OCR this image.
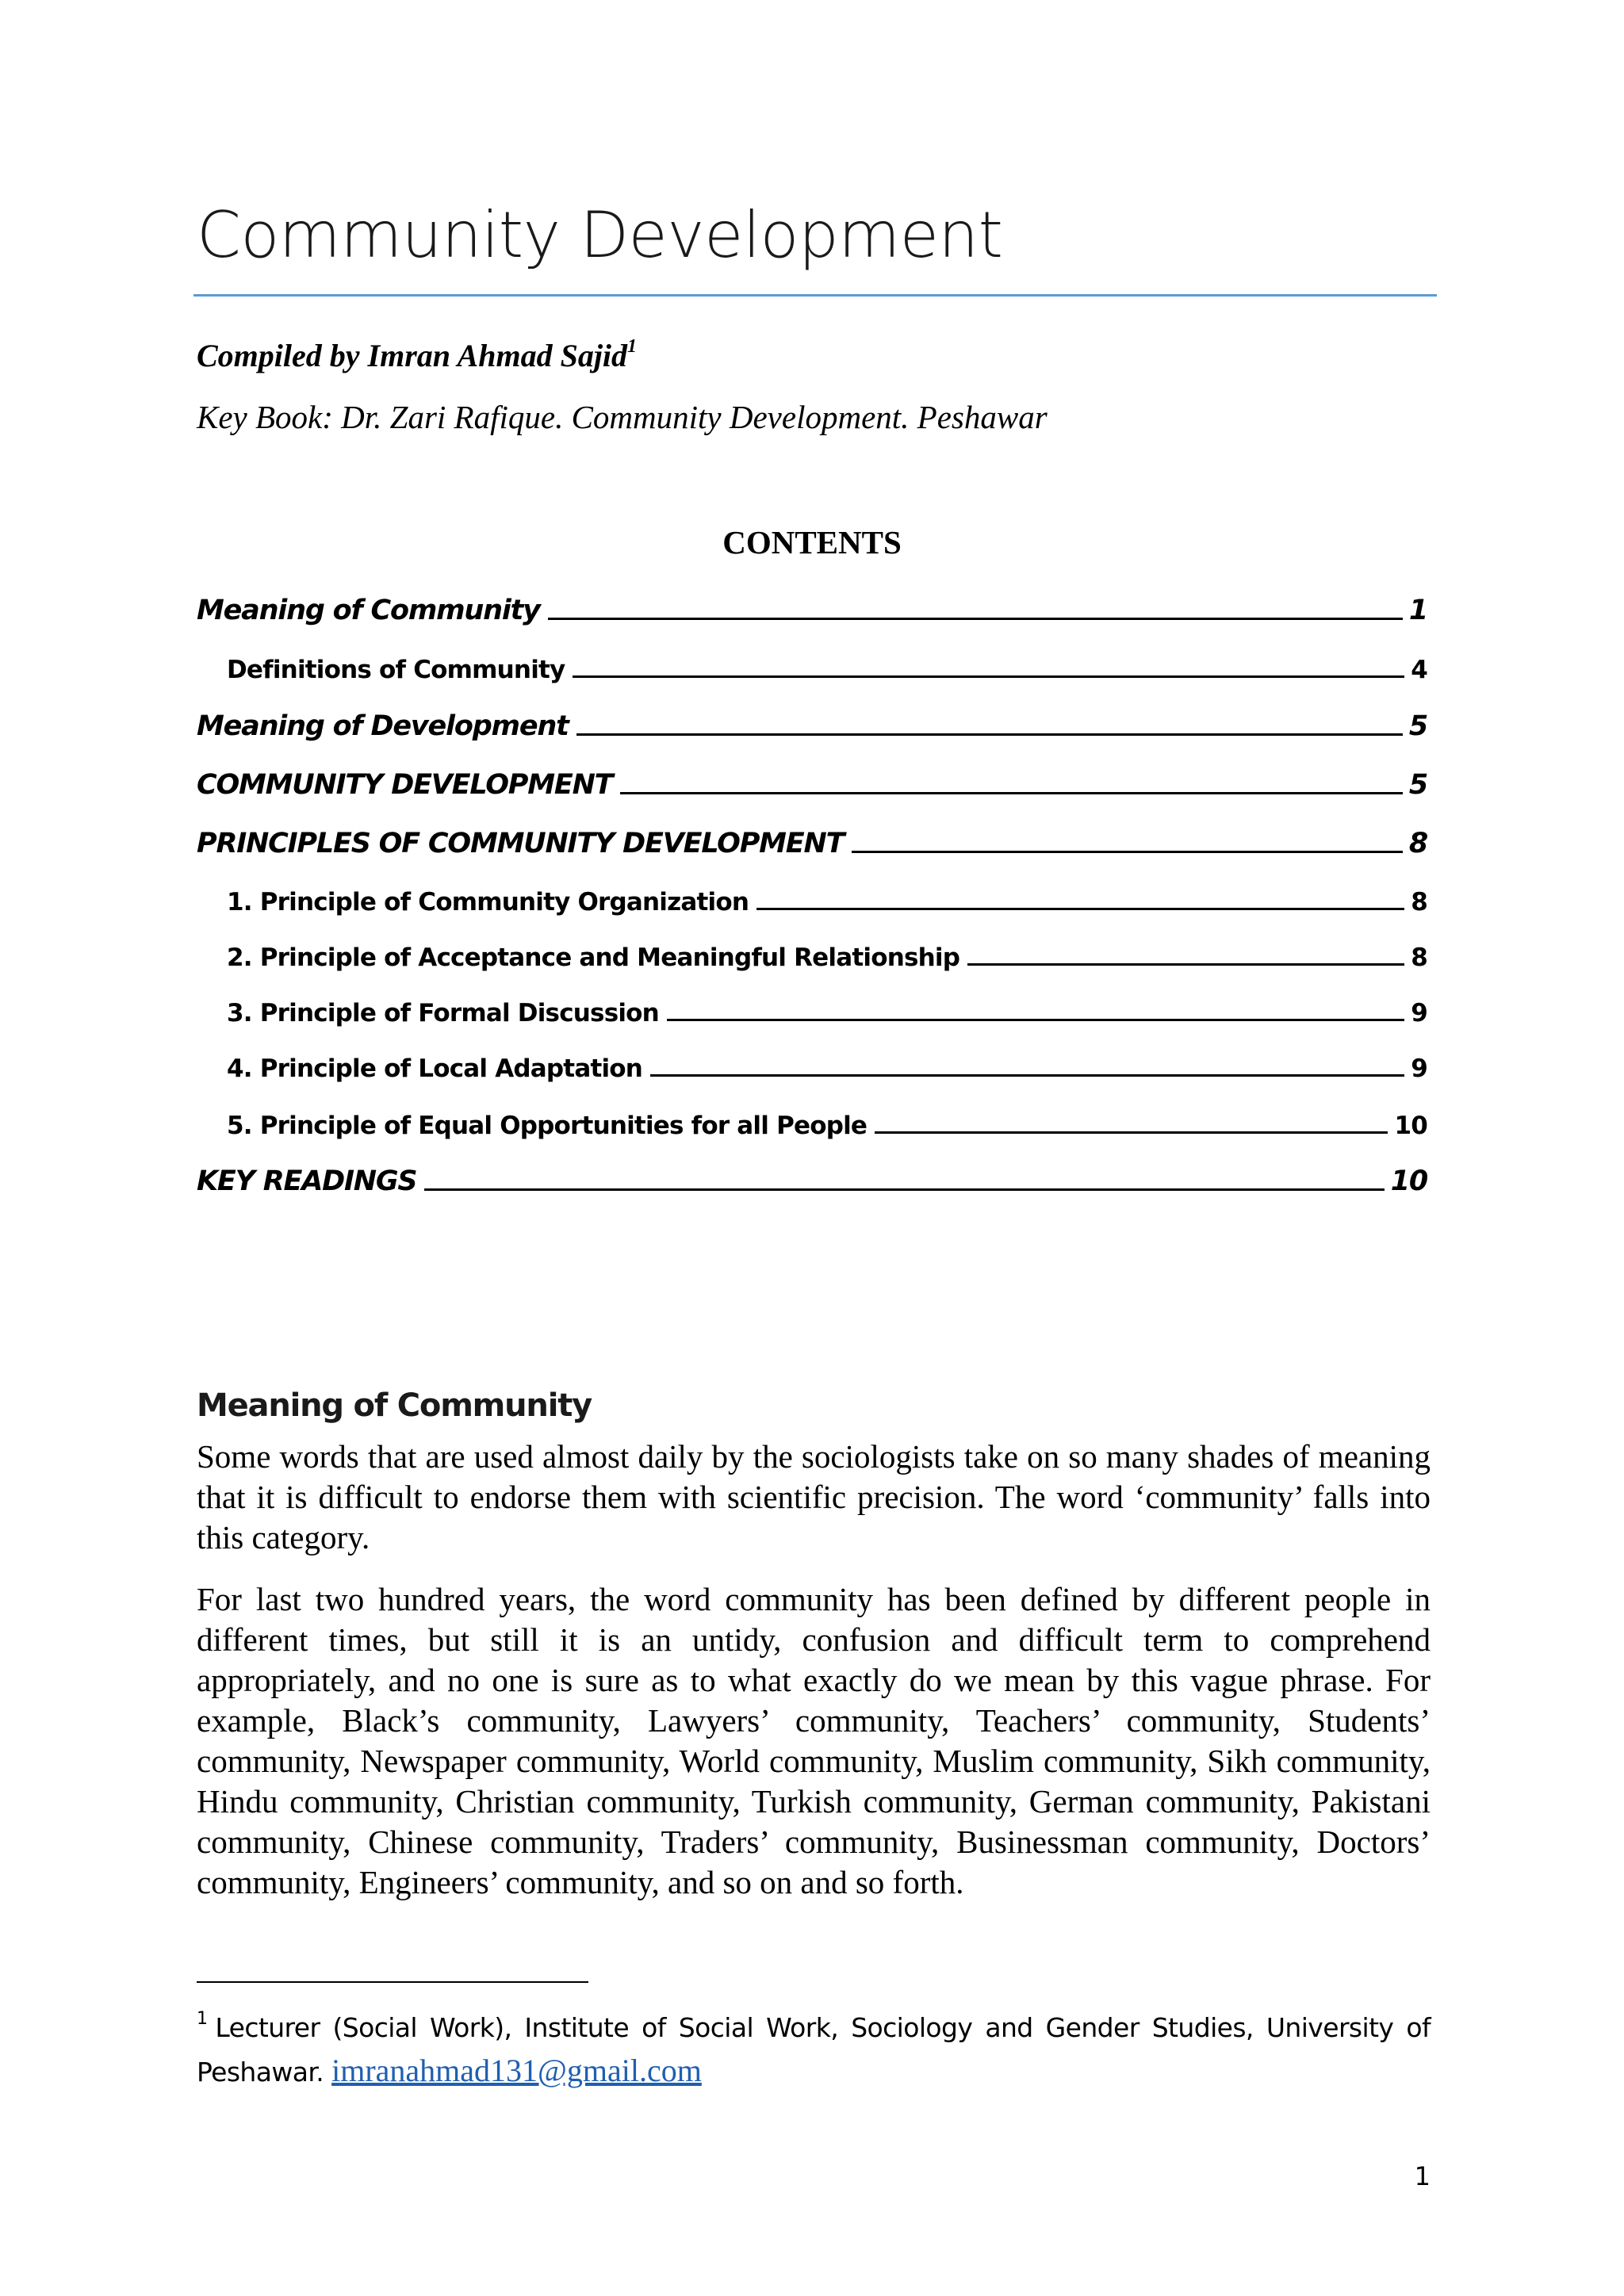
Community Development
Compiled by Imran Ahmad Sajid$^1$
Key Book: Dr. Zari Rafique. Community Development. Peshawar
CONTENTS
Meaning of Community	1
Definitions of Community	4
Meaning of Development	5
COMMUNITY DEVELOPMENT	5
PRINCIPLES OF COMMUNITY DEVELOPMENT	8
1. Principle of Community Organization	8
2. Principle of Acceptance and Meaningful Relationship	8
3. Principle of Formal Discussion	9
4. Principle of Local Adaptation	9
5. Principle of Equal Opportunities for all People	10
KEY READINGS	10
Meaning of Community

Some words that are used almost daily by the sociologists take on so many shades of meaning that it is difficult to endorse them with scientific precision. The word ‘community’ falls into this category.

For last two hundred years, the word community has been defined by different people in different times, but still it is an untidy, confusion and difficult term to comprehend appropriately, and no one is sure as to what exactly do we mean by this vague phrase. For example, Black’s community, Lawyers’ community, Teachers’ community, Students’ community, Newspaper community, World community, Muslim community, Sikh community, Hindu community, Christian community, Turkish community, German community, Pakistani community, Chinese community, Traders’ community, Businessman community, Doctors’ community, Engineers’ community, and so on and so forth.

$^1$ Lecturer (Social Work), Institute of Social Work, Sociology and Gender Studies, University of Peshawar. imranahmad131@gmail.com
1
